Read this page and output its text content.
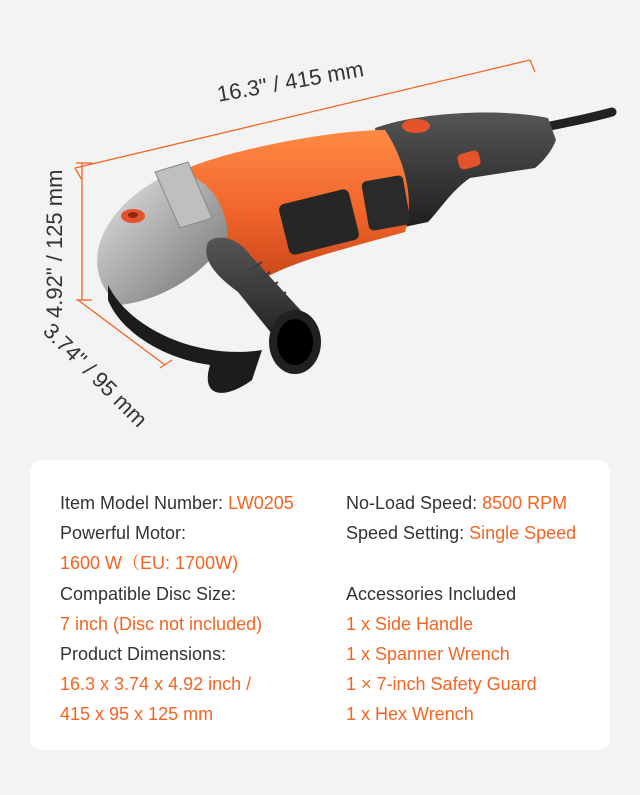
16.3" / 415 mm
4.92" / 125 mm
3.74" / 95 mm
Item Model Number: LW0205
Powerful Motor:
1600 W（EU: 1700W)
Compatible Disc Size:
7 inch (Disc not included)
Product Dimensions:
16.3 x 3.74 x 4.92 inch /
415 x 95 x 125 mm
No-Load Speed: 8500 RPM
Speed Setting: Single Speed

Accessories Included
1 x Side Handle
1 x Spanner Wrench
1 × 7-inch Safety Guard
1 x Hex Wrench
